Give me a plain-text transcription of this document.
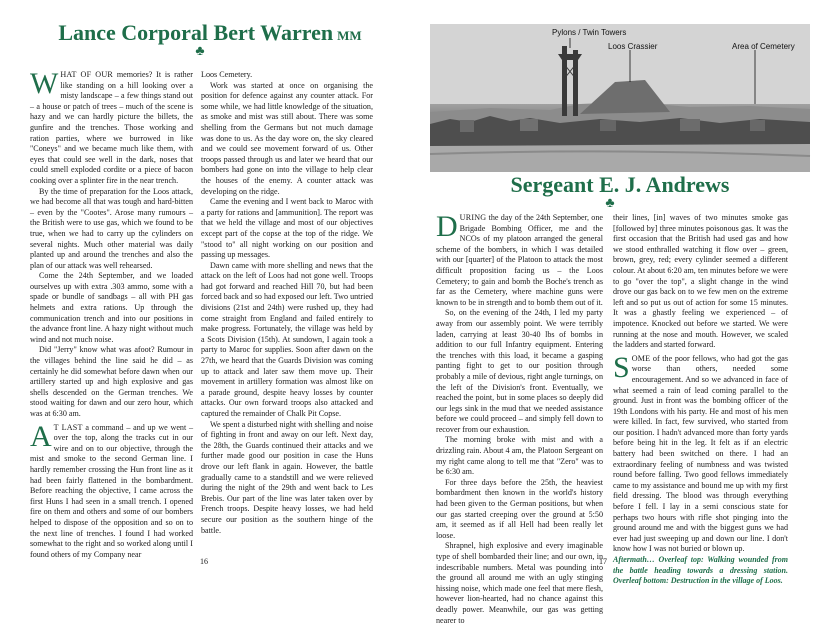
Lance Corporal Bert Warren MM
♣

WHAT OF OUR memories? It is rather like standing on a hill looking over a misty landscape – a few things stand out – a house or patch of trees – much of the scene is hazy and we can hardly picture the billets, the gunfire and the trenches. Those working and ration parties, where we burrowed in like "Coneys" and we became much like them, with eyes that could see well in the dark, noses that could smell exploded cordite or a piece of bacon cooking over a splinter fire in the near trench.

By the time of preparation for the Loos attack, we had become all that was tough and hard-bitten – even by the "Cootes". Arose many rumours – the British were to use gas, which we found to be true, when we had to carry up the cylinders on several nights. Much other material was daily planted up and around the trenches and also the plan of our attack was well rehearsed.

Come the 24th September, and we loaded ourselves up with extra .303 ammo, some with a spade or bundle of sandbags – all with PH gas helmets and extra rations. Up through the communication trench and into our positions in the advance front line. A hazy night without much wind and not much noise.

Did "Jerry" know what was afoot? Rumour in the villages behind the line said he did – as certainly he did somewhat before dawn when our artillery started up and high explosive and gas shells descended on the German trenches. We stood waiting for dawn and our zero hour, which was at 6:30 am.

A T LAST a command – and up we went – over the top, along the tracks cut in our wire and on to our objective, through the mist and smoke to the second German line. I hardly remember crossing the Hun front line as it had been fairly flattened in the bombardment. Before reaching the objective, I came across the first Huns I had seen in a small trench. I opened fire on them and others and some of our bombers helped to dispose of the opposition and so on to the next line of trenches. I found I had worked somewhat to the right and so worked along until I found others of my Company near

Loos Cemetery.

Work was started at once on organising the position for defence against any counter attack. For some while, we had little knowledge of the situation, as smoke and mist was still about. There was some shelling from the Germans but not much damage was done to us. As the day wore on, the sky cleared and we could see movement forward of us. Other troops passed through us and later we heard that our bombers had gone on into the village to help clear the houses of the enemy. A counter attack was developing on the ridge.

Came the evening and I went back to Maroc with a party for rations and [ammunition]. The report was that we held the village and most of our objectives except part of the copse at the top of the ridge. We "stood to" all night working on our position and passing up messages.

Dawn came with more shelling and news that the attack on the left of Loos had not gone well. Troops had got forward and reached Hill 70, but had been forced back and so had exposed our left. Two untried divisions (21st and 24th) were rushed up, they had come straight from England and failed entirely to make progress. Fortunately, the village was held by a Scots Division (15th). At sundown, I again took a party to Maroc for supplies. Soon after dawn on the 27th, we heard that the Guards Division was coming up to attack and later saw them move up. Their movement in artillery formation was almost like on a parade ground, despite heavy losses by counter attacks. Our own forward troops also attacked and captured the remainder of Chalk Pit Copse.

We spent a disturbed night with shelling and noise of fighting in front and away on our left. Next day, the 28th, the Guards continued their attacks and we further made good our position in case the Huns drove our left flank in again. However, the battle gradually came to a standstill and we were relieved during the night of the 29th and went back to Les Brebis. Our part of the line was later taken over by French troops. Despite heavy losses, we had held secure our position as the southern hinge of the battle.

16
Pylons / Twin Towers
Loos Crassier	Area of Cemetery
Sergeant E. J. Andrews
♣

DURING the day of the 24th September, one Brigade Bombing Officer, me and the NCOs of my platoon arranged the general scheme of the bombers, in which I was detailed with our [quarter] of the Platoon to attack the most difficult proposition facing us – the Loos Cemetery; to gain and bomb the Boche's trench as far as the Cemetery, where machine guns were known to be in strength and to bomb them out of it.

So, on the evening of the 24th, I led my party away from our assembly point. We were terribly laden, carrying at least 30-40 lbs of bombs in addition to our full Infantry equipment. Entering the trenches with this load, it became a gasping panting fight to get to our position through probably a mile of devious, right angle turnings, on the left of the Division's front. Eventually, we reached the point, but in some places so deeply did our legs sink in the mud that we needed assistance before we could proceed – and simply fell down to recover from our exhaustion.

The morning broke with mist and with a drizzling rain. About 4 am, the Platoon Sergeant on my right came along to tell me that "Zero" was to be 6:30 am.

For three days before the 25th, the heaviest bombardment then known in the world's history had been given to the German positions, but when our gas started creeping over the ground at 5:50 am, it seemed as if all Hell had been really let loose.

Shrapnel, high explosive and every imaginable type of shell bombarded their line; and our own, in indescribable numbers. Metal was pounding into the ground all around me with an ugly stinging hissing noise, which made one feel that mere flesh, however lion-hearted, had no chance against this deadly power. Meanwhile, our gas was getting nearer to

their lines, [in] waves of two minutes smoke gas [followed by] three minutes poisonous gas. It was the first occasion that the British had used gas and how we stood enthralled watching it flow over – green, brown, grey, red; every cylinder seemed a different colour. At about 6:20 am, ten minutes before we were to go "over the top", a slight change in the wind drove our gas back on to we few men on the extreme left and so put us out of action for some 15 minutes. It was a ghastly feeling we experienced – of impotence. Knocked out before we started. We were running at the nose and mouth. However, we scaled the ladders and started forward.

SOME of the poor fellows, who had got the gas worse than others, needed some encouragement. And so we advanced in face of what seemed a rain of lead coming parallel to the ground. Just in front was the bombing officer of the 19th Londons with his party. He and most of his men were killed. In fact, few survived, who started from our position. I hadn't advanced more than forty yards before being hit in the leg. It felt as if an electric battery had been switched on there. I had an extraordinary feeling of numbness and was twisted round before falling. Two good fellows immediately came to my assistance and bound me up with my first field dressing. The blood was through everything before I fell. I lay in a semi conscious state for perhaps two hours with rifle shot pinging into the ground around me and with the biggest guns we had ever had just sweeping up and down our line. I don't know how I was not buried or blown up.

Aftermath… Overleaf top: Walking wounded from the battle heading towards a dressing station. Overleaf bottom: Destruction in the village of Loos.

17
